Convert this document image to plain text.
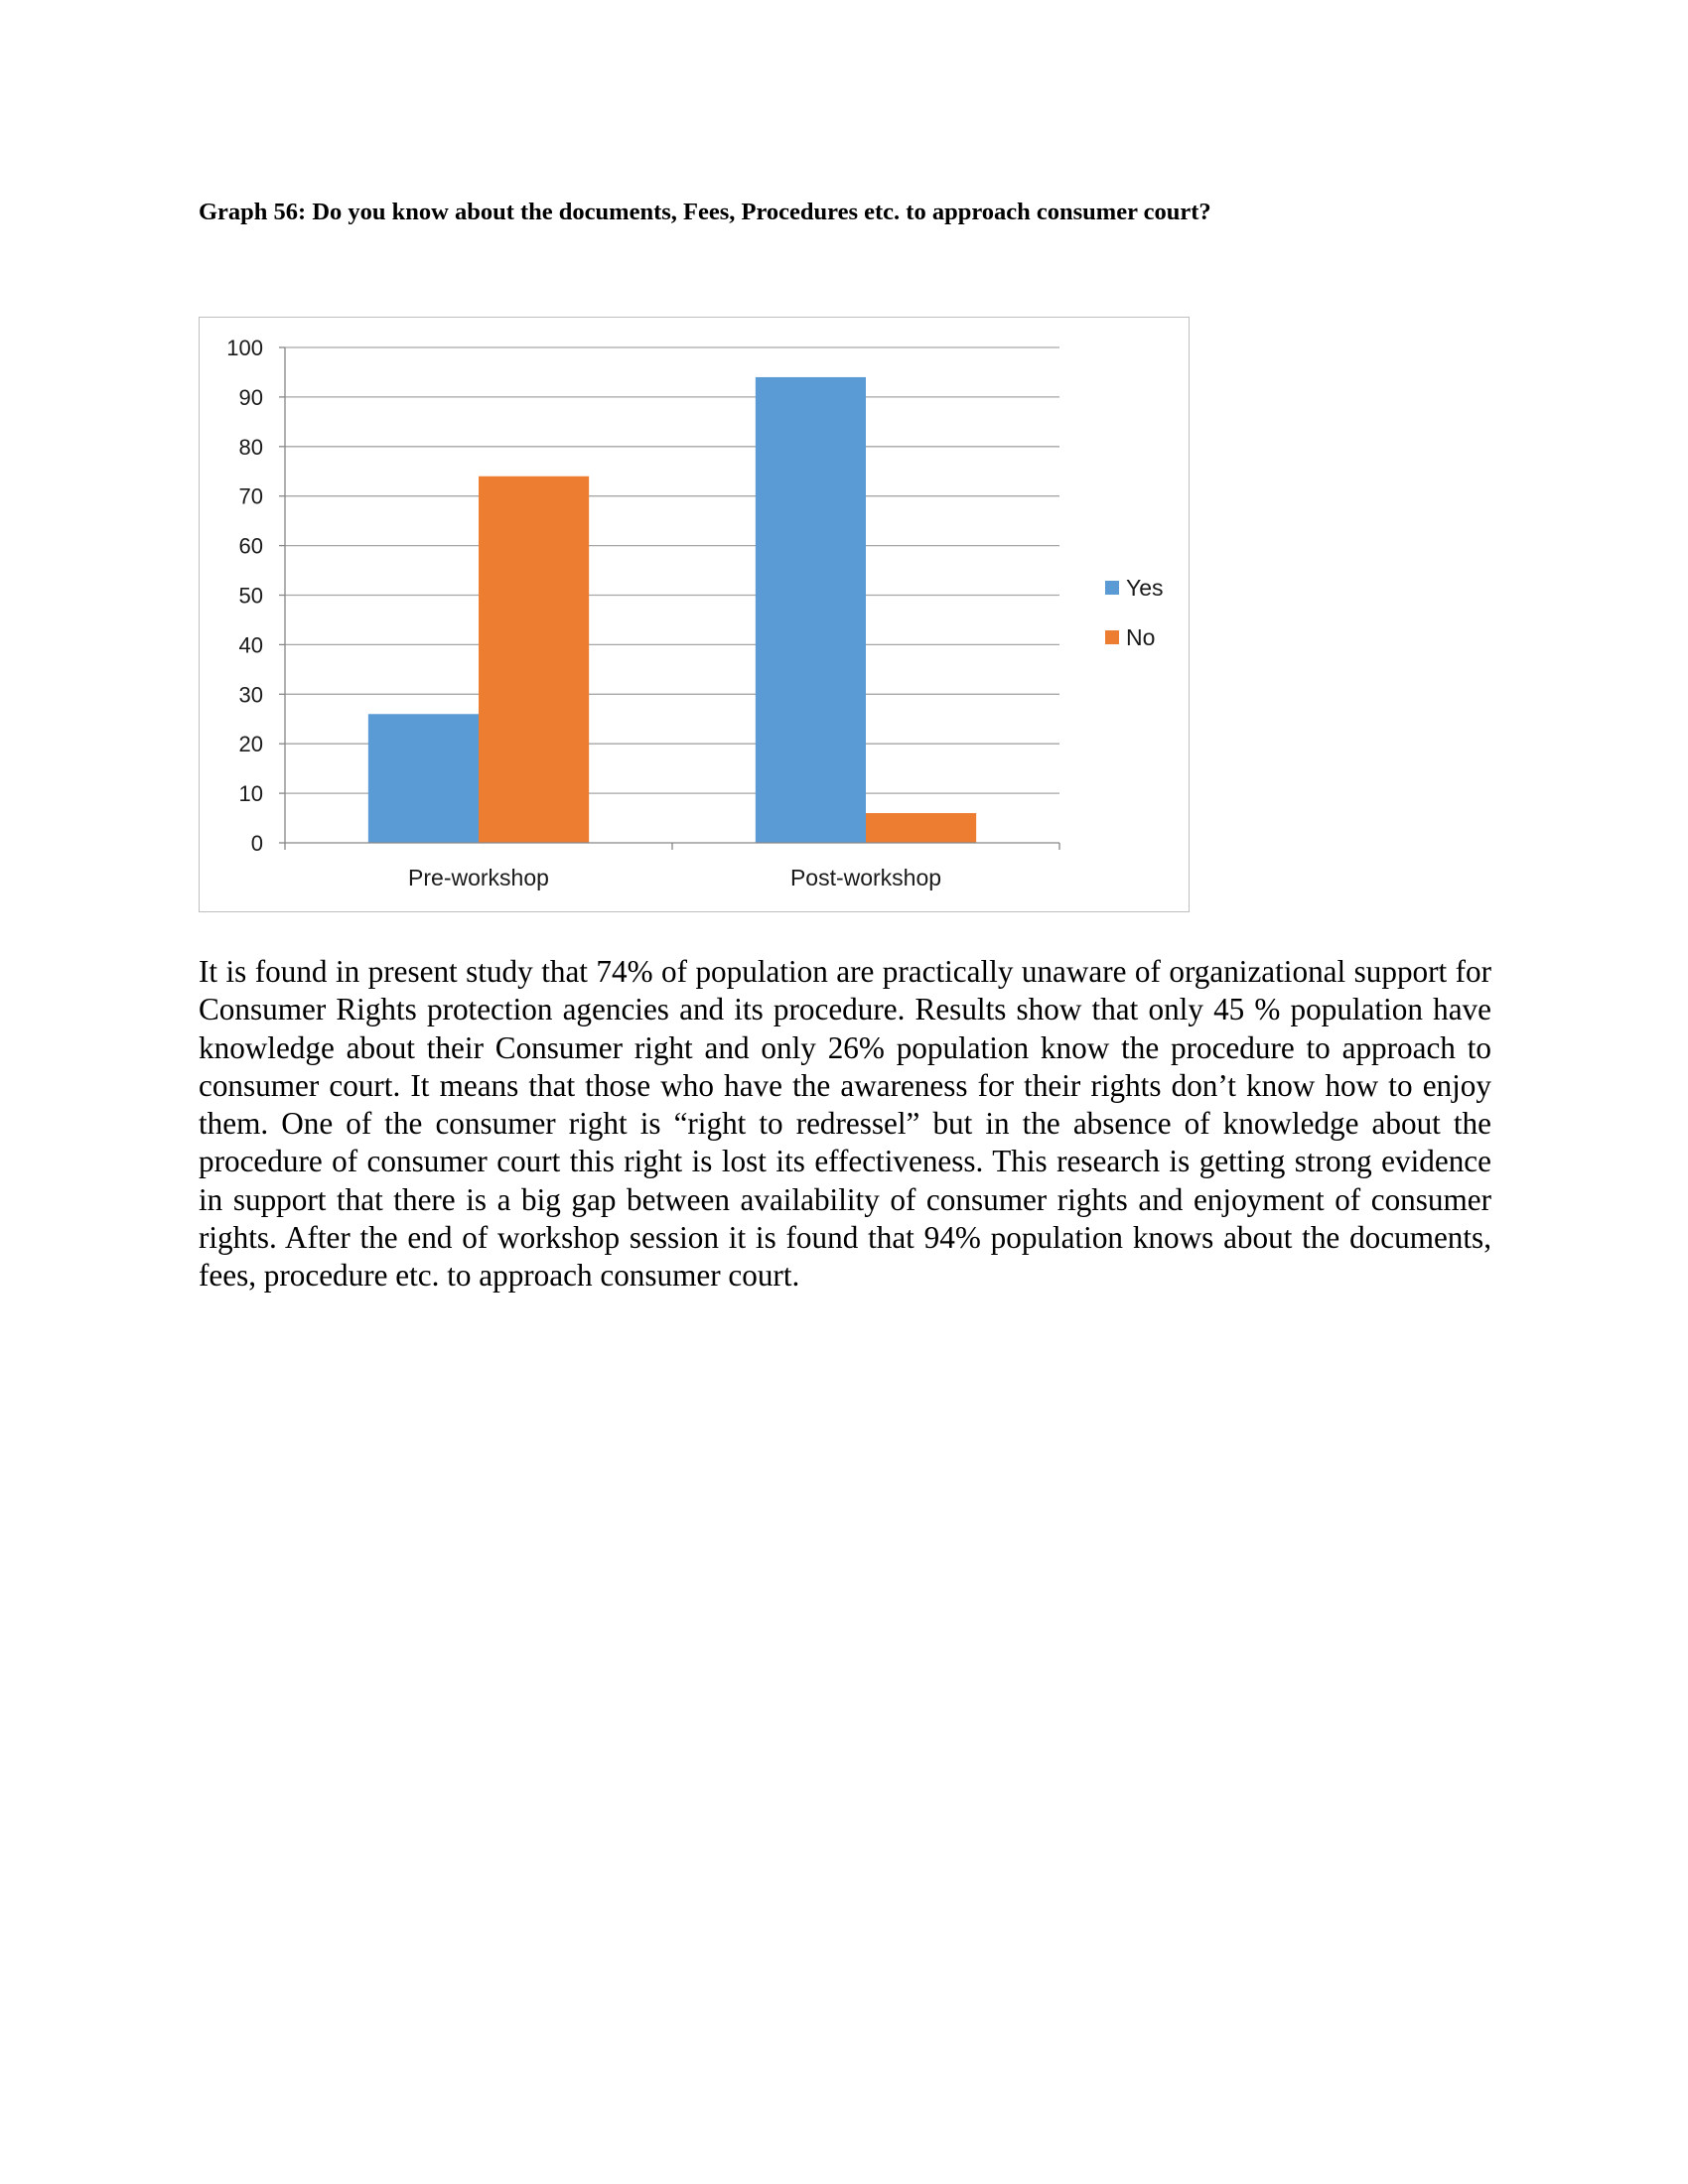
Graph 56: Do you know about the documents, Fees, Procedures etc. to approach consumer court?
0
10
20
30
40
50
60
70
80
90
100
Pre-workshop	Post-workshop
Yes
No

It is found in present study that 74% of population are practically unaware of organizational support for Consumer Rights protection agencies and its procedure. Results show that only 45 % population have knowledge about their Consumer right and only 26% population know the procedure to approach to consumer court. It means that those who have the awareness for their rights don’t know how to enjoy them. One of the consumer right is “right to redressel” but in the absence of knowledge about the procedure of consumer court this right is lost its effectiveness. This research is getting strong evidence in support that there is a big gap between availability of consumer rights and enjoyment of consumer rights. After the end of workshop session it is found that 94% population knows about the documents, fees, procedure etc. to approach consumer court.
